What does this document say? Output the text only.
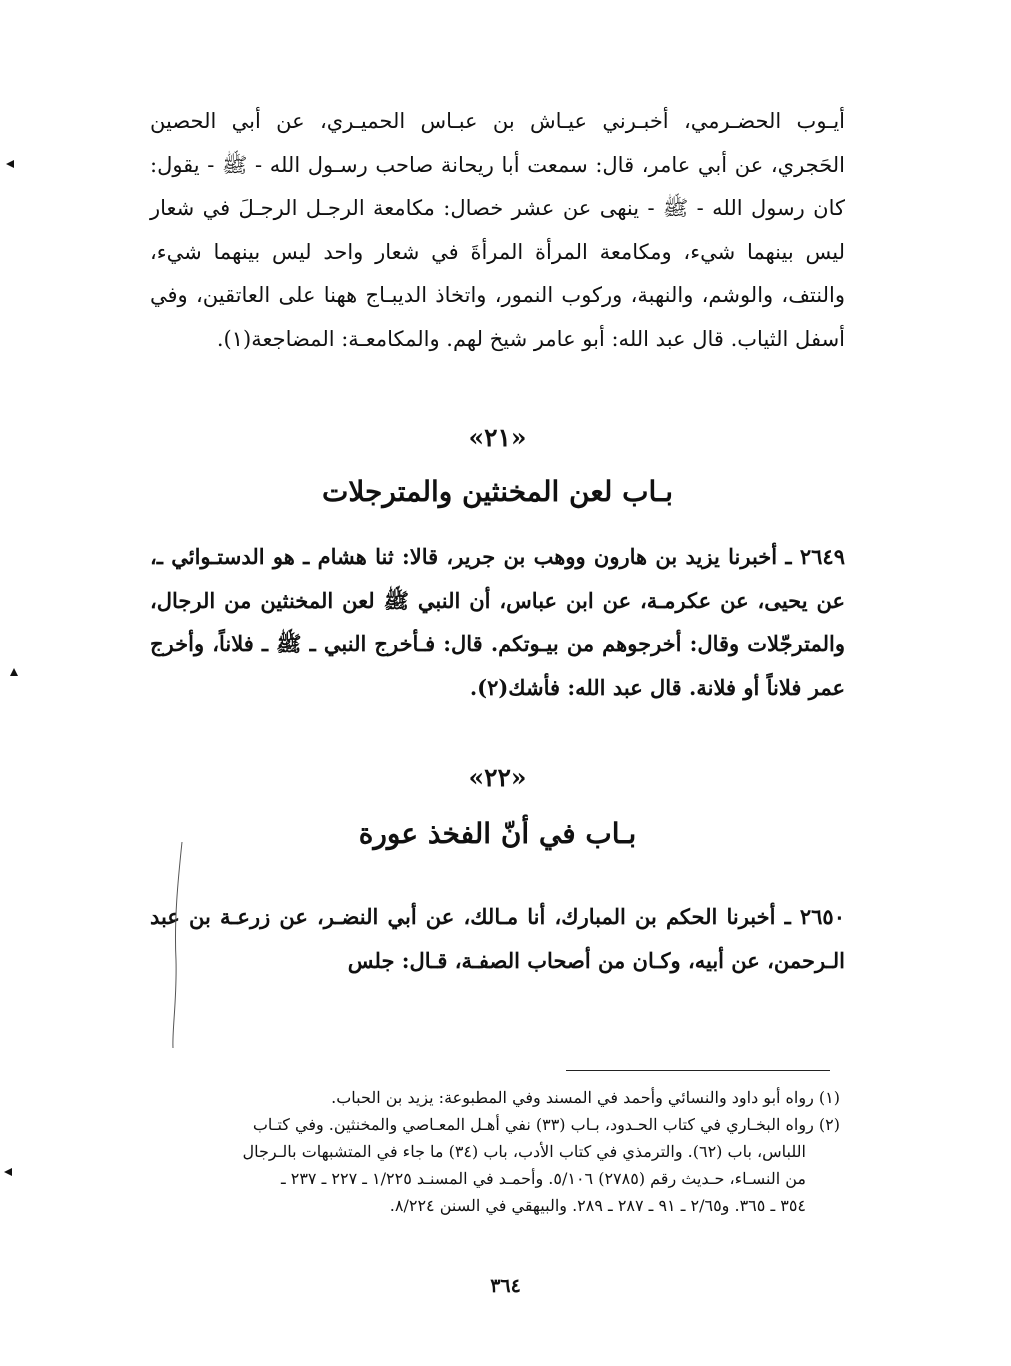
أيـوب الحضـرمي، أخبـرني عيـاش بن عبـاس الحميـري، عن أبي الحصين الحَجري، عن أبي عامر، قال: سمعت أبا ريحانة صاحب رسـول الله - ﷺ - يقول: كان رسول الله - ﷺ - ينهى عن عشر خصال: مكامعة الرجـل الرجـلَ في شعار ليس بينهما شيء، ومكامعة المرأة المرأةَ في شعار واحد ليس بينهما شيء، والنتف، والوشم، والنهبة، وركوب النمور، واتخاذ الديبـاج ههنا على العاتقين، وفي أسفل الثياب. قال عبد الله: أبو عامر شيخ لهم. والمكامعـة: المضاجعة(١).

«٢١»

بـاب لعن المخنثين والمترجلات

٢٦٤٩ ـ أخبرنا يزيد بن هارون ووهب بن جرير، قالا: ثنا هشام ـ هو الدستـوائي ـ، عن يحيى، عن عكرمـة، عن ابن عباس، أن النبي ﷺ لعن المخنثين من الرجال، والمترجّلات وقال: أخرجوهم من بيـوتكم. قال: فـأخرج النبي ـ ﷺ ـ فلاناً، وأخرج عمر فلاناً أو فلانة. قال عبد الله: فأشك(٢).

«٢٢»

بـاب في أنّ الفخذ عورة

٢٦٥٠ ـ أخبرنا الحكم بن المبارك، أنا مـالك، عن أبي النضـر، عن زرعـة بن عبد الـرحمن، عن أبيه، وكـان من أصحاب الصفـة، قـال: جلس

(١) رواه أبو داود والنسائي وأحمد في المسند وفي المطبوعة: يزيد بن الحباب.

(٢) رواه البخـاري في كتاب الحـدود، بـاب (٣٣) نفي أهـل المعـاصي والمخنثين. وفي كتـاب

اللباس، باب (٦٢). والترمذي في كتاب الأدب، باب (٣٤) ما جاء في المتشبهات بالـرجال

من النسـاء، حـديث رقم (٢٧٨٥) ٥/١٠٦. وأحمـد في المسنـد ١/٢٢٥ ـ ٢٢٧ ـ ٢٣٧ ـ

٣٥٤ ـ ٣٦٥. و٢/٦٥ ـ ٩١ ـ ٢٨٧ ـ ٢٨٩. والبيهقي في السنن ٨/٢٢٤.

٣٦٤
